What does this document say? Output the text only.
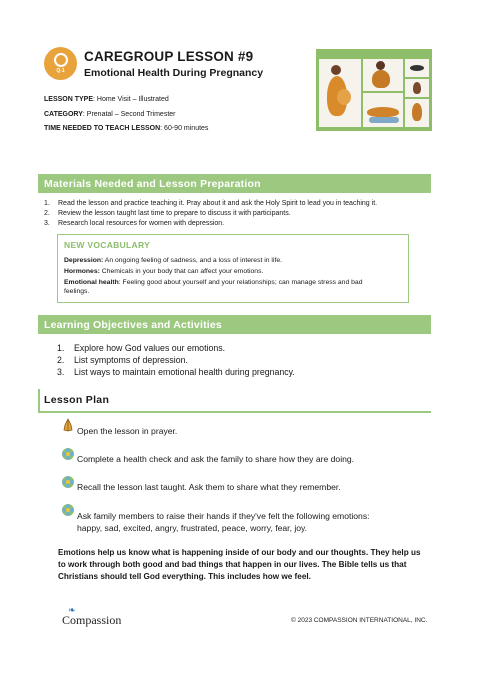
Q-1
CAREGROUP LESSON #9
Emotional Health During Pregnancy
LESSON TYPE: Home Visit – Illustrated
CATEGORY: Prenatal – Second Trimester
TIME NEEDED TO TEACH LESSON: 60-90 minutes
Materials Needed and Lesson Preparation
1.	Read the lesson and practice teaching it. Pray about it and ask the Holy Spirit to lead you in teaching it.
2.	Review the lesson taught last time to prepare to discuss it with participants.
3.	Research local resources for women with depression.
NEW VOCABULARY
Depression: An ongoing feeling of sadness, and a loss of interest in life.
Hormones: Chemicals in your body that can affect your emotions.
Emotional health: Feeling good about yourself and your relationships; can manage stress and bad feelings.
Learning Objectives and Activities
1.	Explore how God values our emotions.
2.	List symptoms of depression.
3.	List ways to maintain emotional health during pregnancy.
Lesson Plan
Open the lesson in prayer.
Complete a health check and ask the family to share how they are doing.
Recall the lesson last taught. Ask them to share what they remember.
Ask family members to raise their hands if they've felt the following emotions:
happy, sad, excited, angry, frustrated, peace, worry, fear, joy.
Emotions help us know what is happening inside of our body and our thoughts. They help us to work through both good and bad things that happen in our lives. The Bible tells us that Christians should tell God everything. This includes how we feel.
❧
Compassion	© 2023 COMPASSION INTERNATIONAL, INC.
